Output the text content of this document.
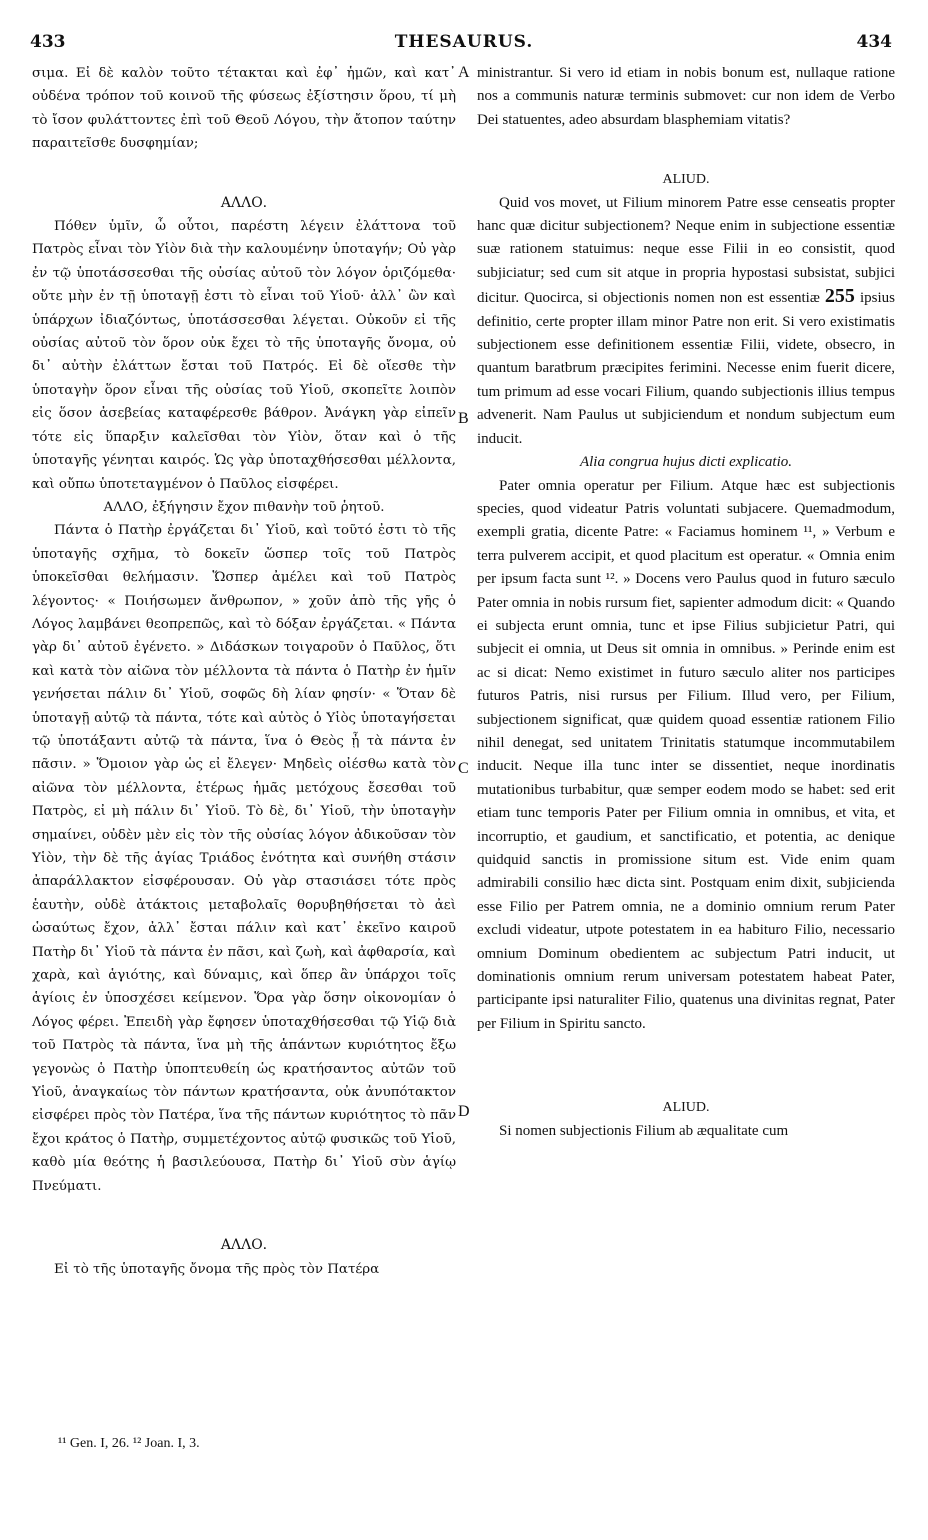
433	THESAURUS.	434
A
B
C
D

σιμα. Εἰ δὲ καλὸν τοῦτο τέτακται καὶ ἐφ᾽ ἡμῶν, καὶ κατ᾽ οὐδένα τρόπον τοῦ κοινοῦ τῆς φύσεως ἐξίστησιν ὅρου, τί μὴ τὸ ἴσον φυλάττοντες ἐπὶ τοῦ Θεοῦ Λόγου, τὴν ἄτοπον ταύτην παραιτεῖσθε δυσφημίαν;

ΑΛΛΟ.

Πόθεν ὑμῖν, ὦ οὗτοι, παρέστη λέγειν ἐλάττονα τοῦ Πατρὸς εἶναι τὸν Υἱὸν διὰ τὴν καλουμένην ὑποταγήν; Οὐ γὰρ ἐν τῷ ὑποτάσσεσθαι τῆς οὐσίας αὐτοῦ τὸν λόγον ὁριζόμεθα· οὔτε μὴν ἐν τῇ ὑποταγῇ ἐστι τὸ εἶναι τοῦ Υἱοῦ· ἀλλ᾽ ὢν καὶ ὑπάρχων ἰδιαζόντως, ὑποτάσσεσθαι λέγεται. Οὐκοῦν εἰ τῆς οὐσίας αὐτοῦ τὸν ὅρον οὐκ ἔχει τὸ τῆς ὑποταγῆς ὄνομα, οὐ δι᾽ αὐτὴν ἐλάττων ἔσται τοῦ Πατρός. Εἰ δὲ οἴεσθε τὴν ὑποταγὴν ὅρον εἶναι τῆς οὐσίας τοῦ Υἱοῦ, σκοπεῖτε λοιπὸν εἰς ὅσον ἀσεβείας καταφέρεσθε βάθρον. Ἀνάγκη γὰρ εἰπεῖν τότε εἰς ὕπαρξιν καλεῖσθαι τὸν Υἱὸν, ὅταν καὶ ὁ τῆς ὑποταγῆς γένηται καιρός. Ὡς γὰρ ὑποταχθήσεσθαι μέλλοντα, καὶ οὔπω ὑποτεταγμένον ὁ Παῦλος εἰσφέρει.

ΑΛΛΟ, ἐξήγησιν ἔχον πιθανὴν τοῦ ῥητοῦ.

Πάντα ὁ Πατὴρ ἐργάζεται δι᾽ Υἱοῦ, καὶ τοῦτό ἐστι τὸ τῆς ὑποταγῆς σχῆμα, τὸ δοκεῖν ὥσπερ τοῖς τοῦ Πατρὸς ὑποκεῖσθαι θελήμασιν. Ὥσπερ ἀμέλει καὶ τοῦ Πατρὸς λέγοντος· « Ποιήσωμεν ἄνθρωπον, » χοῦν ἀπὸ τῆς γῆς ὁ Λόγος λαμβάνει θεοπρεπῶς, καὶ τὸ δόξαν ἐργάζεται. « Πάντα γὰρ δι᾽ αὐτοῦ ἐγένετο. » Διδάσκων τοιγαροῦν ὁ Παῦλος, ὅτι καὶ κατὰ τὸν αἰῶνα τὸν μέλλοντα τὰ πάντα ὁ Πατὴρ ἐν ἡμῖν γενήσεται πάλιν δι᾽ Υἱοῦ, σοφῶς δὴ λίαν φησίν· « Ὅταν δὲ ὑποταγῇ αὐτῷ τὰ πάντα, τότε καὶ αὐτὸς ὁ Υἱὸς ὑποταγήσεται τῷ ὑποτάξαντι αὐτῷ τὰ πάντα, ἵνα ὁ Θεὸς ᾖ τὰ πάντα ἐν πᾶσιν. » Ὅμοιον γὰρ ὡς εἰ ἔλεγεν· Μηδεὶς οἰέσθω κατὰ τὸν αἰῶνα τὸν μέλλοντα, ἑτέρως ἡμᾶς μετόχους ἔσεσθαι τοῦ Πατρὸς, εἰ μὴ πάλιν δι᾽ Υἱοῦ. Τὸ δὲ, δι᾽ Υἱοῦ, τὴν ὑποταγὴν σημαίνει, οὐδὲν μὲν εἰς τὸν τῆς οὐσίας λόγον ἀδικοῦσαν τὸν Υἱὸν, τὴν δὲ τῆς ἁγίας Τριάδος ἑνότητα καὶ συνήθη στάσιν ἀπαράλλακτον εἰσφέρουσαν. Οὐ γὰρ στασιάσει τότε πρὸς ἑαυτὴν, οὐδὲ ἀτάκτοις μεταβολαῖς θορυβηθήσεται τὸ ἀεὶ ὡσαύτως ἔχον, ἀλλ᾽ ἔσται πάλιν καὶ κατ᾽ ἐκεῖνο καιροῦ Πατὴρ δι᾽ Υἱοῦ τὰ πάντα ἐν πᾶσι, καὶ ζωὴ, καὶ ἀφθαρσία, καὶ χαρὰ, καὶ ἁγιότης, καὶ δύναμις, καὶ ὅπερ ἂν ὑπάρχοι τοῖς ἁγίοις ἐν ὑποσχέσει κείμενον. Ὅρα γὰρ ὅσην οἰκονομίαν ὁ Λόγος φέρει. Ἐπειδὴ γὰρ ἔφησεν ὑποταχθήσεσθαι τῷ Υἱῷ διὰ τοῦ Πατρὸς τὰ πάντα, ἵνα μὴ τῆς ἁπάντων κυριότητος ἔξω γεγονὼς ὁ Πατὴρ ὑποπτευθείη ὡς κρατήσαντος αὐτῶν τοῦ Υἱοῦ, ἀναγκαίως τὸν πάντων κρατήσαντα, οὐκ ἀνυπότακτον εἰσφέρει πρὸς τὸν Πατέρα, ἵνα τῆς πάντων κυριότητος τὸ πᾶν ἔχοι κράτος ὁ Πατὴρ, συμμετέχοντος αὐτῷ φυσικῶς τοῦ Υἱοῦ, καθὸ μία θεότης ἡ βασιλεύουσα, Πατὴρ δι᾽ Υἱοῦ σὺν ἁγίῳ Πνεύματι.

ΑΛΛΟ.

Εἰ τὸ τῆς ὑποταγῆς ὄνομα τῆς πρὸς τὸν Πατέρα

ministrantur. Si vero id etiam in nobis bonum est, nullaque ratione nos a communis naturæ terminis submovet: cur non idem de Verbo Dei statuentes, adeo absurdam blasphemiam vitatis?

ALIUD.

Quid vos movet, ut Filium minorem Patre esse censeatis propter hanc quæ dicitur subjectionem? Neque enim in subjectione essentiæ suæ rationem statuimus: neque esse Filii in eo consistit, quod subjiciatur; sed cum sit atque in propria hypostasi subsistat, subjici dicitur. Quocirca, si objectionis nomen non est essentiæ 255 ipsius definitio, certe propter illam minor Patre non erit. Si vero existimatis subjectionem esse definitionem essentiæ Filii, videte, obsecro, in quantum baratbrum præcipites ferimini. Necesse enim fuerit dicere, tum primum ad esse vocari Filium, quando subjectionis illius tempus advenerit. Nam Paulus ut subjiciendum et nondum subjectum eum inducit.

Alia congrua hujus dicti explicatio.

Pater omnia operatur per Filium. Atque hæc est subjectionis species, quod videatur Patris voluntati subjacere. Quemadmodum, exempli gratia, dicente Patre: « Faciamus hominem ¹¹, » Verbum e terra pulverem accipit, et quod placitum est operatur. « Omnia enim per ipsum facta sunt ¹². » Docens vero Paulus quod in futuro sæculo Pater omnia in nobis rursum fiet, sapienter admodum dicit: « Quando ei subjecta erunt omnia, tunc et ipse Filius subjicietur Patri, qui subjecit ei omnia, ut Deus sit omnia in omnibus. » Perinde enim est ac si dicat: Nemo existimet in futuro sæculo aliter nos participes futuros Patris, nisi rursus per Filium. Illud vero, per Filium, subjectionem significat, quæ quidem quoad essentiæ rationem Filio nihil denegat, sed unitatem Trinitatis statumque incommutabilem inducit. Neque illa tunc inter se dissentiet, neque inordinatis mutationibus turbabitur, quæ semper eodem modo se habet: sed erit etiam tunc temporis Pater per Filium omnia in omnibus, et vita, et incorruptio, et gaudium, et sanctificatio, et potentia, ac denique quidquid sanctis in promissione situm est. Vide enim quam admirabili consilio hæc dicta sint. Postquam enim dixit, subjicienda esse Filio per Patrem omnia, ne a dominio omnium rerum Pater excludi videatur, utpote potestatem in ea habituro Filio, necessario omnium Dominum obedientem ac subjectum Patri inducit, ut dominationis omnium rerum universam potestatem habeat Pater, participante ipsi naturaliter Filio, quatenus una divinitas regnat, Pater per Filium in Spiritu sancto.

ALIUD.

Si nomen subjectionis Filium ab æqualitate cum

¹¹ Gen. I, 26. ¹² Joan. I, 3.
